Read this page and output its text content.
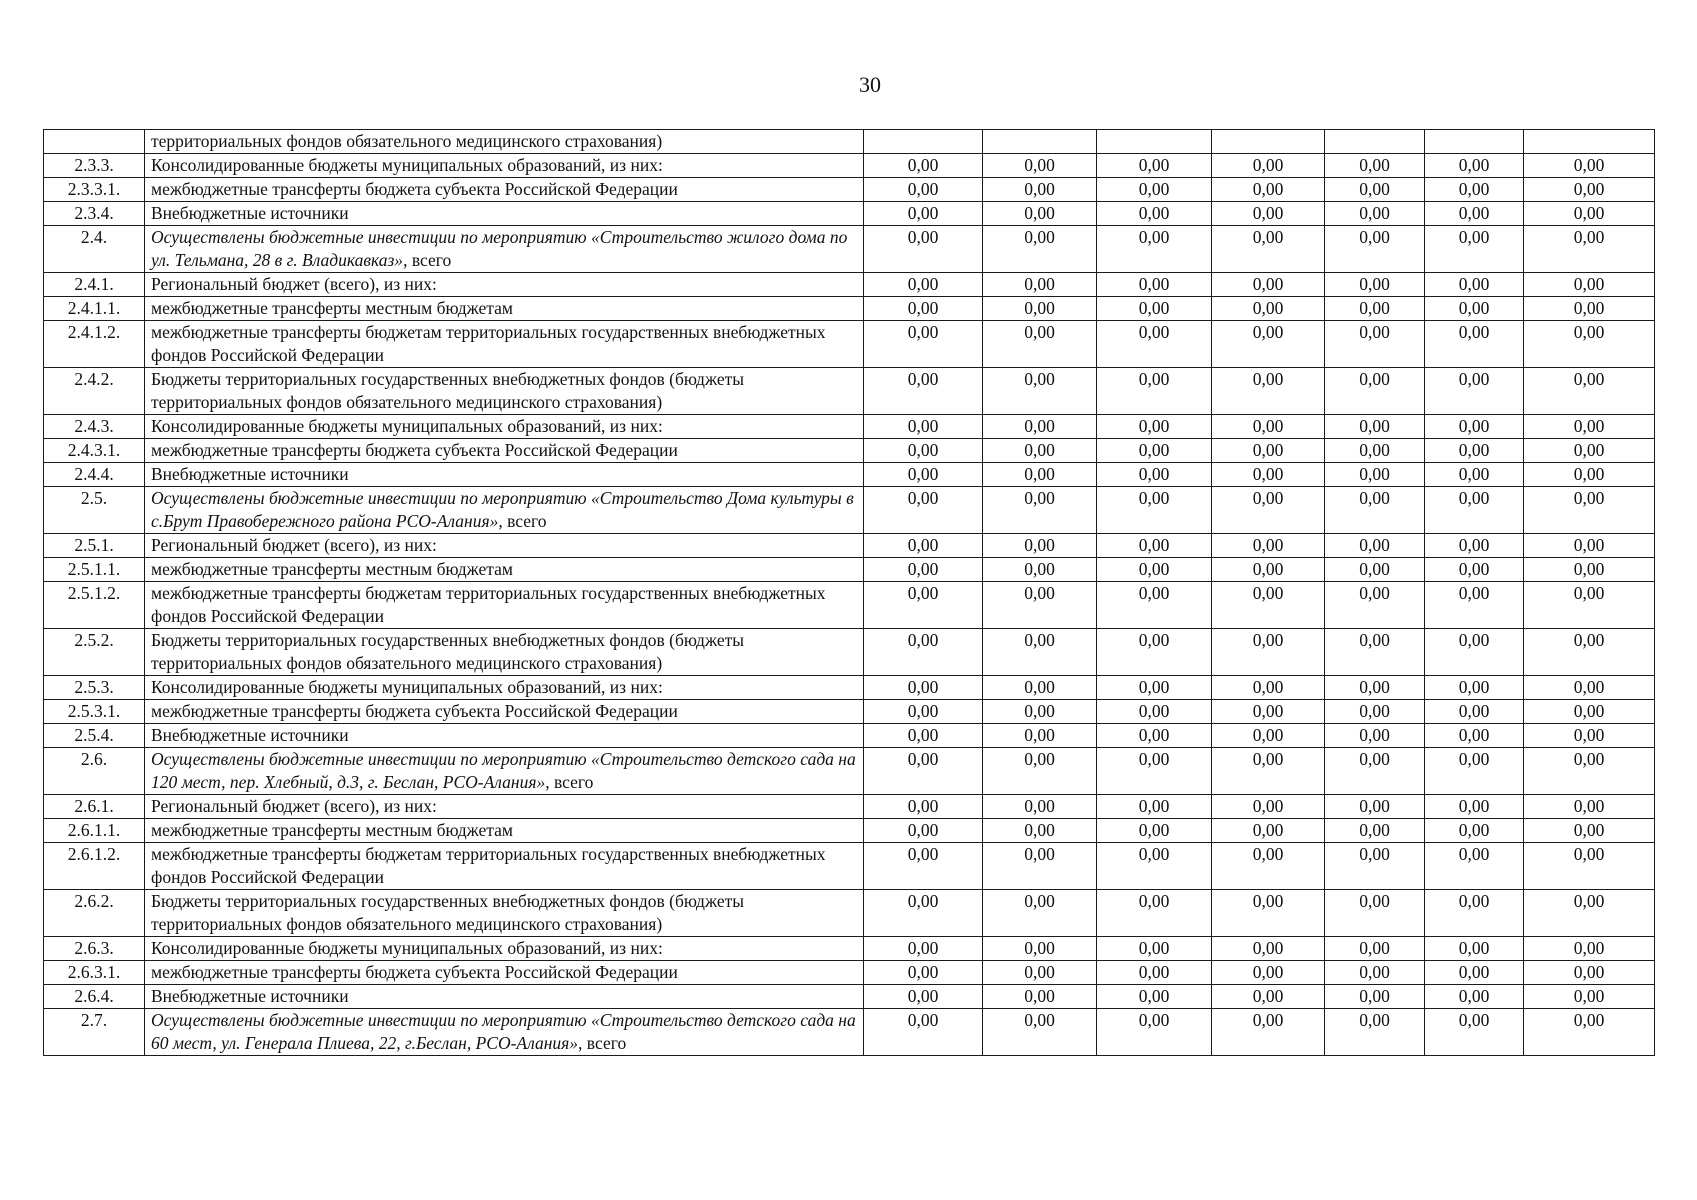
30
	территориальных фондов обязательного медицинского страхования)							
2.3.3.	Консолидированные бюджеты муниципальных образований, из них:	0,00	0,00	0,00	0,00	0,00	0,00	0,00
2.3.3.1.	межбюджетные трансферты бюджета субъекта Российской Федерации	0,00	0,00	0,00	0,00	0,00	0,00	0,00
2.3.4.	Внебюджетные источники	0,00	0,00	0,00	0,00	0,00	0,00	0,00
2.4.	Осуществлены бюджетные инвестиции по мероприятию «Строительство жилого дома по ул. Тельмана, 28 в г. Владикавказ», всего	0,00	0,00	0,00	0,00	0,00	0,00	0,00
2.4.1.	Региональный бюджет (всего), из них:	0,00	0,00	0,00	0,00	0,00	0,00	0,00
2.4.1.1.	межбюджетные трансферты местным бюджетам	0,00	0,00	0,00	0,00	0,00	0,00	0,00
2.4.1.2.	межбюджетные трансферты бюджетам территориальных государственных внебюджетных фондов Российской Федерации	0,00	0,00	0,00	0,00	0,00	0,00	0,00
2.4.2.	Бюджеты территориальных государственных внебюджетных фондов (бюджеты территориальных фондов обязательного медицинского страхования)	0,00	0,00	0,00	0,00	0,00	0,00	0,00
2.4.3.	Консолидированные бюджеты муниципальных образований, из них:	0,00	0,00	0,00	0,00	0,00	0,00	0,00
2.4.3.1.	межбюджетные трансферты бюджета субъекта Российской Федерации	0,00	0,00	0,00	0,00	0,00	0,00	0,00
2.4.4.	Внебюджетные источники	0,00	0,00	0,00	0,00	0,00	0,00	0,00
2.5.	Осуществлены бюджетные инвестиции по мероприятию «Строительство Дома культуры в с.Брут Правобережного района РСО-Алания», всего	0,00	0,00	0,00	0,00	0,00	0,00	0,00
2.5.1.	Региональный бюджет (всего), из них:	0,00	0,00	0,00	0,00	0,00	0,00	0,00
2.5.1.1.	межбюджетные трансферты местным бюджетам	0,00	0,00	0,00	0,00	0,00	0,00	0,00
2.5.1.2.	межбюджетные трансферты бюджетам территориальных государственных внебюджетных фондов Российской Федерации	0,00	0,00	0,00	0,00	0,00	0,00	0,00
2.5.2.	Бюджеты территориальных государственных внебюджетных фондов (бюджеты территориальных фондов обязательного медицинского страхования)	0,00	0,00	0,00	0,00	0,00	0,00	0,00
2.5.3.	Консолидированные бюджеты муниципальных образований, из них:	0,00	0,00	0,00	0,00	0,00	0,00	0,00
2.5.3.1.	межбюджетные трансферты бюджета субъекта Российской Федерации	0,00	0,00	0,00	0,00	0,00	0,00	0,00
2.5.4.	Внебюджетные источники	0,00	0,00	0,00	0,00	0,00	0,00	0,00
2.6.	Осуществлены бюджетные инвестиции по мероприятию «Строительство детского сада на 120 мест, пер. Хлебный, д.3, г. Беслан, РСО-Алания», всего	0,00	0,00	0,00	0,00	0,00	0,00	0,00
2.6.1.	Региональный бюджет (всего), из них:	0,00	0,00	0,00	0,00	0,00	0,00	0,00
2.6.1.1.	межбюджетные трансферты местным бюджетам	0,00	0,00	0,00	0,00	0,00	0,00	0,00
2.6.1.2.	межбюджетные трансферты бюджетам территориальных государственных внебюджетных фондов Российской Федерации	0,00	0,00	0,00	0,00	0,00	0,00	0,00
2.6.2.	Бюджеты территориальных государственных внебюджетных фондов (бюджеты территориальных фондов обязательного медицинского страхования)	0,00	0,00	0,00	0,00	0,00	0,00	0,00
2.6.3.	Консолидированные бюджеты муниципальных образований, из них:	0,00	0,00	0,00	0,00	0,00	0,00	0,00
2.6.3.1.	межбюджетные трансферты бюджета субъекта Российской Федерации	0,00	0,00	0,00	0,00	0,00	0,00	0,00
2.6.4.	Внебюджетные источники	0,00	0,00	0,00	0,00	0,00	0,00	0,00
2.7.	Осуществлены бюджетные инвестиции по мероприятию «Строительство детского сада на 60 мест, ул. Генерала Плиева, 22, г.Беслан, РСО-Алания», всего	0,00	0,00	0,00	0,00	0,00	0,00	0,00
